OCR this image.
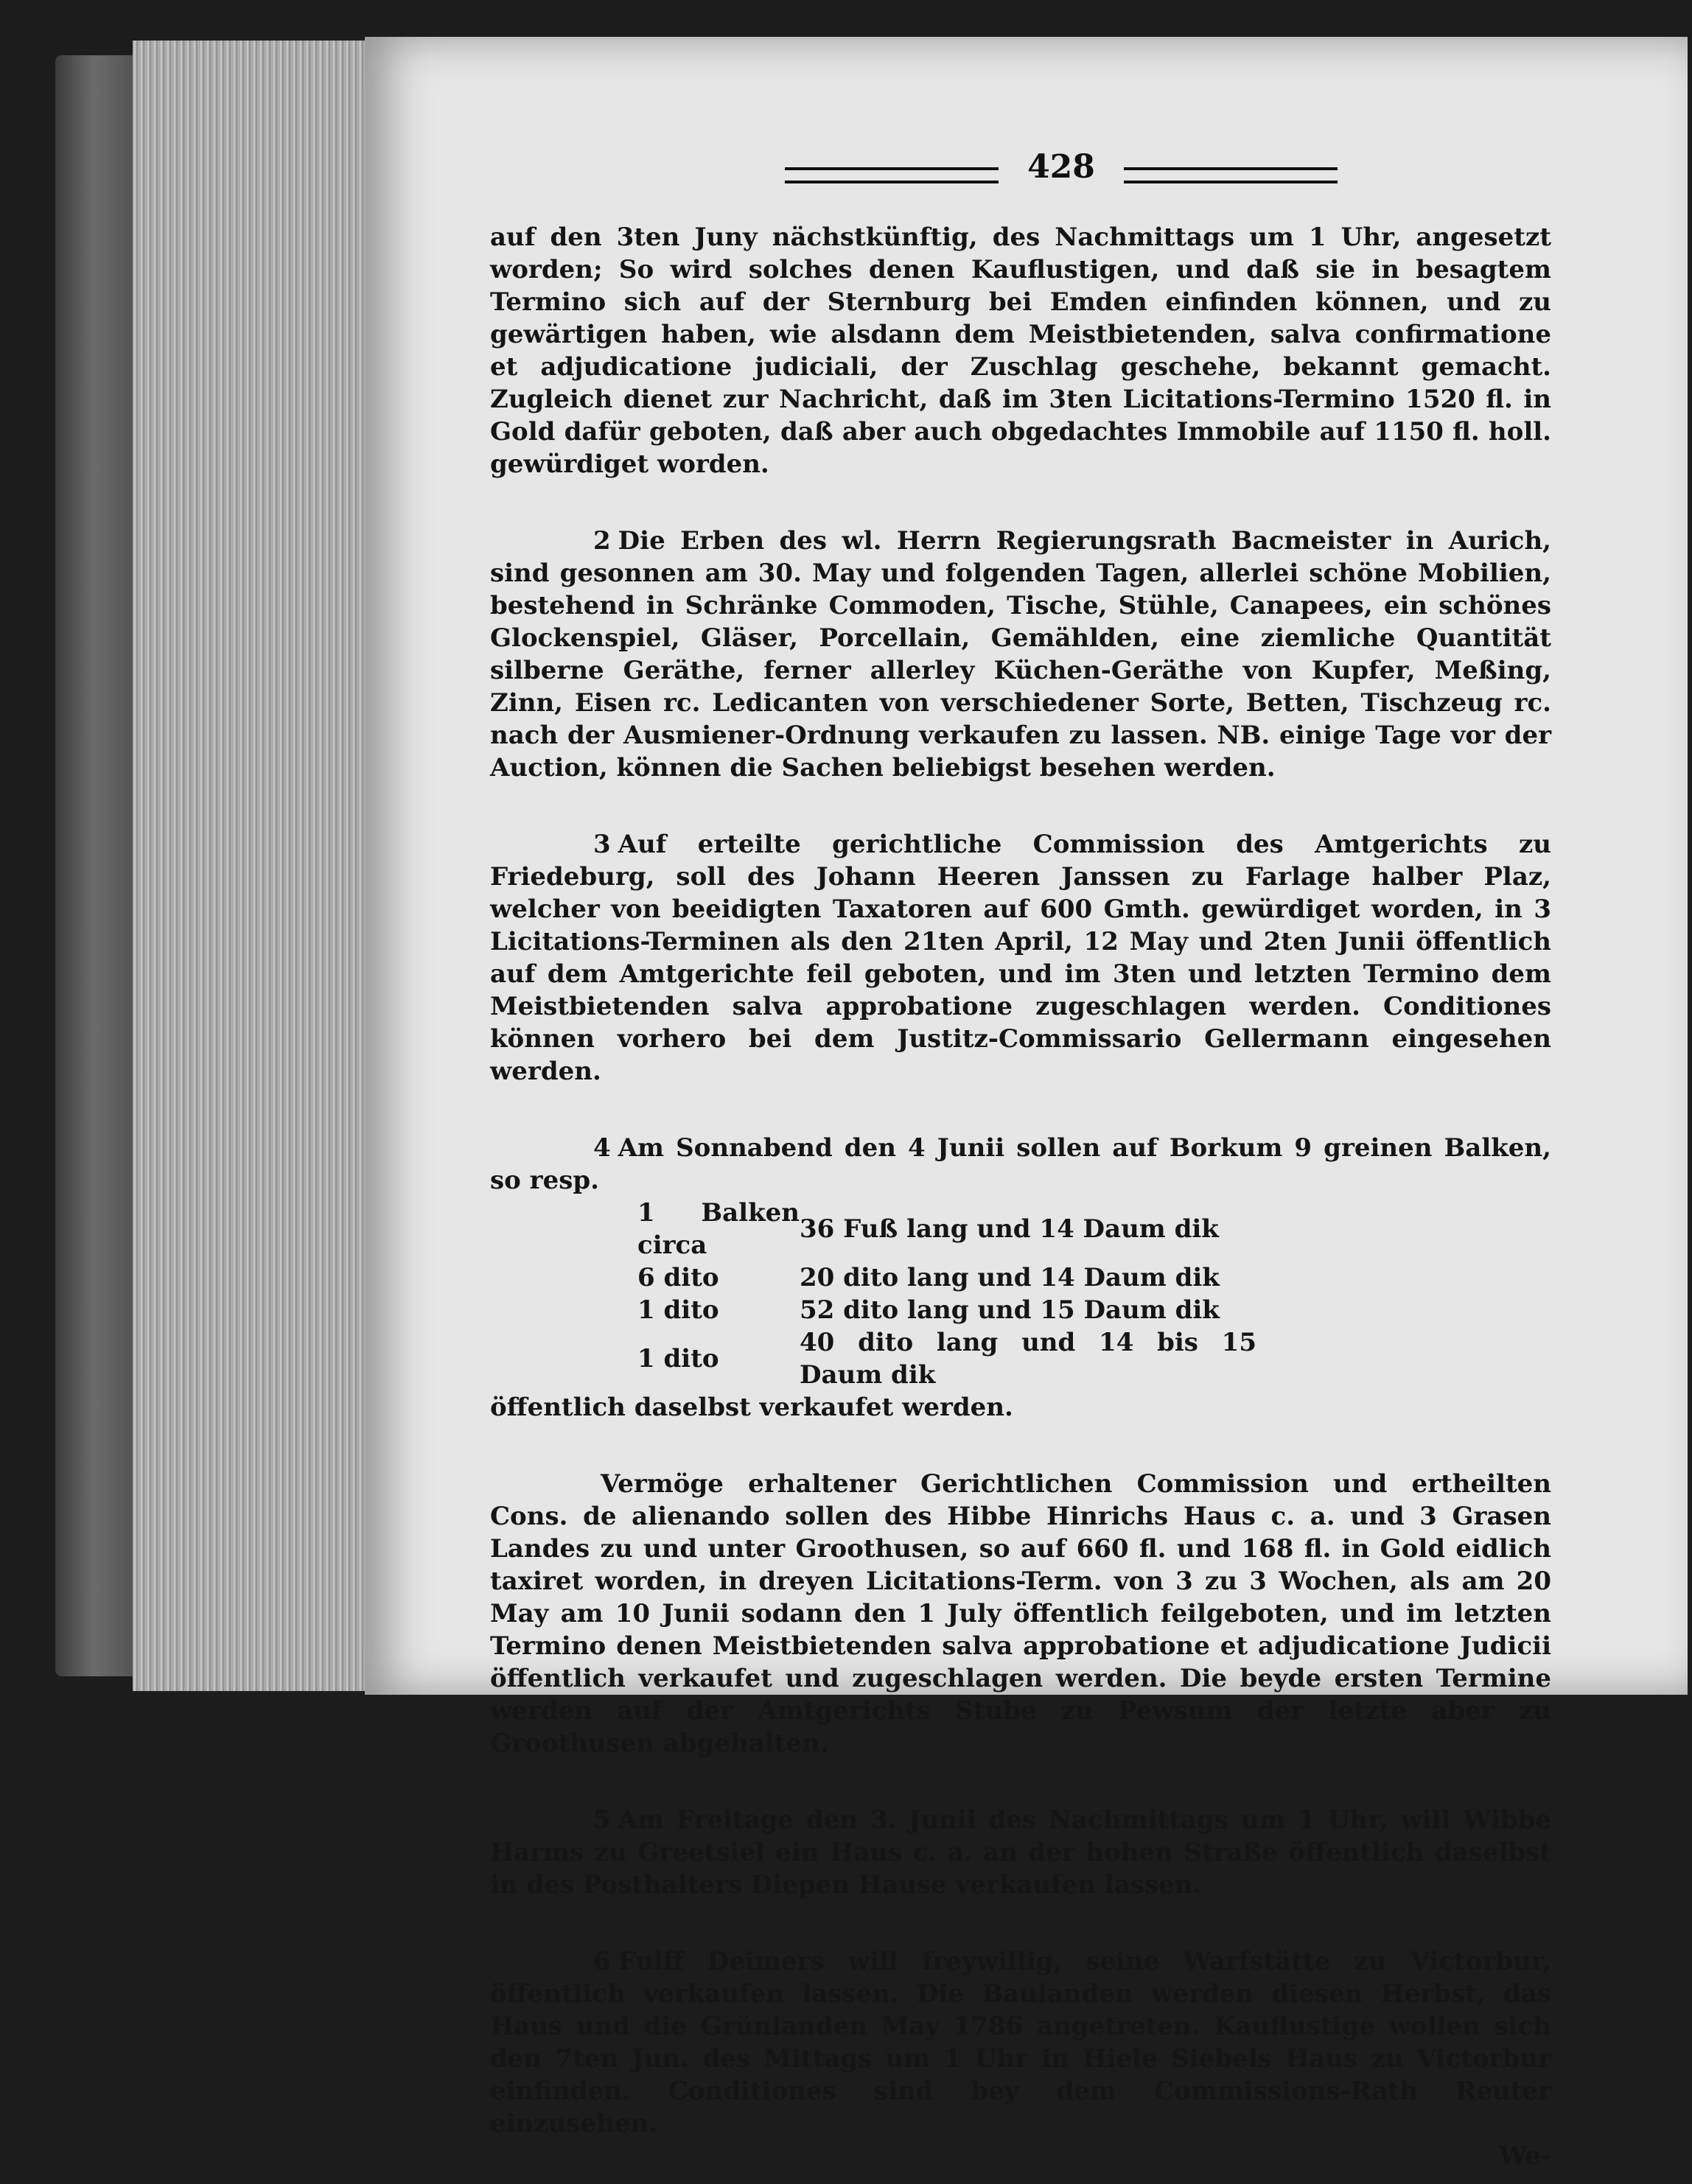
428

auf den 3ten Juny nächstkünftig, des Nachmittags um 1 Uhr, angesetzt worden; So wird solches denen Kauflustigen, und daß sie in besagtem Termino sich auf der Sternburg bei Emden einfinden können, und zu gewärtigen haben, wie alsdann dem Meistbietenden, salva confirmatione et adjudicatione judiciali, der Zuschlag geschehe, bekannt gemacht. Zugleich dienet zur Nachricht, daß im 3ten Licitations-Termino 1520 fl. in Gold dafür geboten, daß aber auch obgedachtes Immobile auf 1150 fl. holl. gewürdiget worden.

2 Die Erben des wl. Herrn Regierungsrath Bacmeister in Aurich, sind gesonnen am 30. May und folgenden Tagen, allerlei schöne Mobilien, bestehend in Schränke Commoden, Tische, Stühle, Canapees, ein schönes Glockenspiel, Gläser, Porcellain, Gemählden, eine ziemliche Quantität silberne Geräthe, ferner allerley Küchen-Geräthe von Kupfer, Meßing, Zinn, Eisen rc. Ledicanten von verschiedener Sorte, Betten, Tischzeug rc. nach der Ausmiener-Ordnung verkaufen zu lassen. NB. einige Tage vor der Auction, können die Sachen beliebigst besehen werden.

3 Auf erteilte gerichtliche Commission des Amtgerichts zu Friedeburg, soll des Johann Heeren Janssen zu Farlage halber Plaz, welcher von beeidigten Taxatoren auf 600 Gmth. gewürdiget worden, in 3 Licitations-Terminen als den 21ten April, 12 May und 2ten Junii öffentlich auf dem Amtgerichte feil geboten, und im 3ten und letzten Termino dem Meistbietenden salva approbatione zugeschlagen werden. Conditiones können vorhero bei dem Justitz-Commissario Gellermann eingesehen werden.

4 Am Sonnabend den 4 Junii sollen auf Borkum 9 greinen Balken, so resp.

1 Balken circa	36 Fuß lang und 14 Daum dik
6 dito	20 dito lang und 14 Daum dik
1 dito	52 dito lang und 15 Daum dik
1 dito	40 dito lang und 14 bis 15 Daum dik

öffentlich daselbst verkaufet werden.

Vermöge erhaltener Gerichtlichen Commission und ertheilten Cons. de alienando sollen des Hibbe Hinrichs Haus c. a. und 3 Grasen Landes zu und unter Groothusen, so auf 660 fl. und 168 fl. in Gold eidlich taxiret worden, in dreyen Licitations-Term. von 3 zu 3 Wochen, als am 20 May am 10 Junii sodann den 1 July öffentlich feilgeboten, und im letzten Termino denen Meistbietenden salva approbatione et adjudicatione Judicii öffentlich verkaufet und zugeschlagen werden. Die beyde ersten Termine werden auf der Amtgerichts Stube zu Pewsum der letzte aber zu Groothusen abgehalten.

5 Am Freitage den 3. Junii des Nachmittags um 1 Uhr, will Wibbe Harms zu Greetsiel ein Haus c. a. an der hohen Straße öffentlich daselbst in des Posthalters Diepen Hause verkaufen lassen.

6 Fulff Deimers will freywillig, seine Warfstätte zu Victorbur, öffentlich verkaufen lassen. Die Baulanden werden diesen Herbst, das Haus und die Grünlanden May 1786 angetreten. Kauflustige wollen sich den 7ten Jun. des Mittags um 1 Uhr in Hiele Siebels Haus zu Victorbur einfinden. Conditiones sind bey dem Commissions-Rath Reuter einzusehen.
We-
